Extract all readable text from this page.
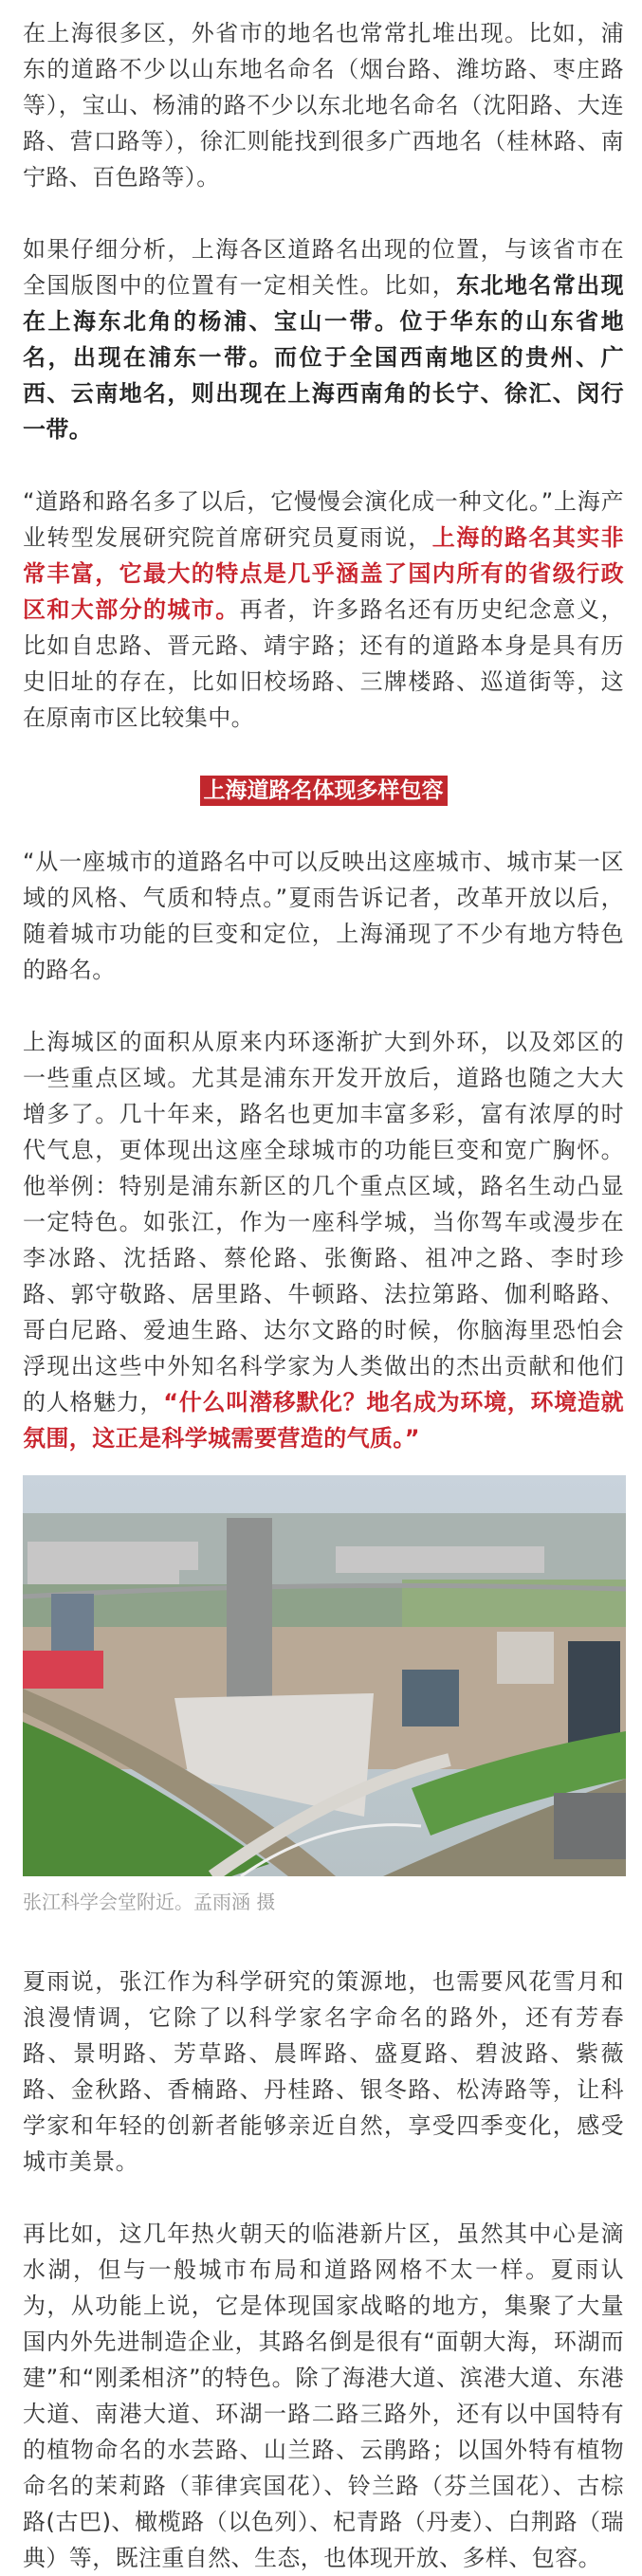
在上海很多区，外省市的地名也常常扎堆出现。比如，浦东的道路不少以山东地名命名（烟台路、潍坊路、枣庄路等），宝山、杨浦的路不少以东北地名命名（沈阳路、大连路、营口路等），徐汇则能找到很多广西地名（桂林路、南宁路、百色路等）。

如果仔细分析，上海各区道路名出现的位置，与该省市在全国版图中的位置有一定相关性。比如，东北地名常出现在上海东北角的杨浦、宝山一带。位于华东的山东省地名，出现在浦东一带。而位于全国西南地区的贵州、广西、云南地名，则出现在上海西南角的长宁、徐汇、闵行一带。

“道路和路名多了以后，它慢慢会演化成一种文化。”上海产业转型发展研究院首席研究员夏雨说，上海的路名其实非常丰富，它最大的特点是几乎涵盖了国内所有的省级行政区和大部分的城市。再者，许多路名还有历史纪念意义，比如自忠路、晋元路、靖宇路；还有的道路本身是具有历史旧址的存在，比如旧校场路、三牌楼路、巡道街等，这在原南市区比较集中。

上海道路名体现多样包容

“从一座城市的道路名中可以反映出这座城市、城市某一区域的风格、气质和特点。”夏雨告诉记者，改革开放以后，随着城市功能的巨变和定位，上海涌现了不少有地方特色的路名。

上海城区的面积从原来内环逐渐扩大到外环，以及郊区的一些重点区域。尤其是浦东开发开放后，道路也随之大大增多了。几十年来，路名也更加丰富多彩，富有浓厚的时代气息，更体现出这座全球城市的功能巨变和宽广胸怀。他举例：特别是浦东新区的几个重点区域，路名生动凸显一定特色。如张江，作为一座科学城，当你驾车或漫步在李冰路、沈括路、蔡伦路、张衡路、祖冲之路、李时珍路、郭守敬路、居里路、牛顿路、法拉第路、伽利略路、哥白尼路、爱迪生路、达尔文路的时候，你脑海里恐怕会浮现出这些中外知名科学家为人类做出的杰出贡献和他们的人格魅力，“什么叫潜移默化？地名成为环境，环境造就氛围，这正是科学城需要营造的气质。”

张江科学会堂附近。孟雨涵 摄

夏雨说，张江作为科学研究的策源地，也需要风花雪月和浪漫情调，它除了以科学家名字命名的路外，还有芳春路、景明路、芳草路、晨晖路、盛夏路、碧波路、紫薇路、金秋路、香楠路、丹桂路、银冬路、松涛路等，让科学家和年轻的创新者能够亲近自然，享受四季变化，感受城市美景。

再比如，这几年热火朝天的临港新片区，虽然其中心是滴水湖，但与一般城市布局和道路网格不太一样。夏雨认为，从功能上说，它是体现国家战略的地方，集聚了大量国内外先进制造企业，其路名倒是很有“面朝大海，环湖而建”和“刚柔相济”的特色。除了海港大道、滨港大道、东港大道、南港大道、环湖一路二路三路外，还有以中国特有的植物命名的水芸路、山兰路、云鹃路；以国外特有植物命名的茉莉路（菲律宾国花）、铃兰路（芬兰国花）、古棕路(古巴)、橄榄路（以色列）、杞青路（丹麦）、白荆路（瑞典）等，既注重自然、生态，也体现开放、多样、包容。
